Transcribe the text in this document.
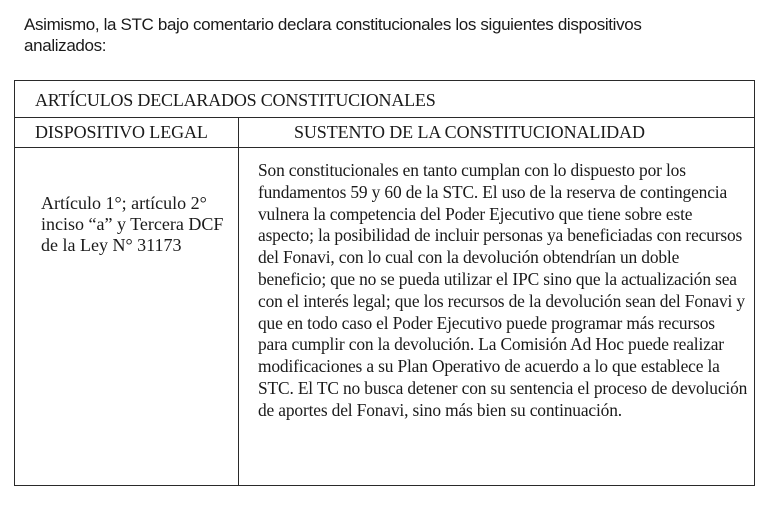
Asimismo, la STC bajo comentario declara constitucionales los siguientes dispositivos analizados:

ARTÍCULOS DECLARADOS CONSTITUCIONALES	
DISPOSITIVO LEGAL	SUSTENTO DE LA CONSTITUCIONALIDAD
Artículo 1°; artículo 2° inciso “a” y Tercera DCF de la Ley N° 31173	Son constitucionales en tanto cumplan con lo dispuesto por los fundamentos 59 y 60 de la STC. El uso de la reserva de contingencia vulnera la competencia del Poder Ejecutivo que tiene sobre este aspecto; la posibilidad de incluir personas ya beneficiadas con recursos del Fonavi, con lo cual con la devolución obtendrían un doble beneficio; que no se pueda utilizar el IPC sino que la actualización sea con el interés legal; que los recursos de la devolución sean del Fonavi y que en todo caso el Poder Ejecutivo puede programar más recursos para cumplir con la devolución. La Comisión Ad Hoc puede realizar modificaciones a su Plan Operativo de acuerdo a lo que establece la STC. El TC no busca detener con su sentencia el proceso de devolución de aportes del Fonavi, sino más bien su continuación.
